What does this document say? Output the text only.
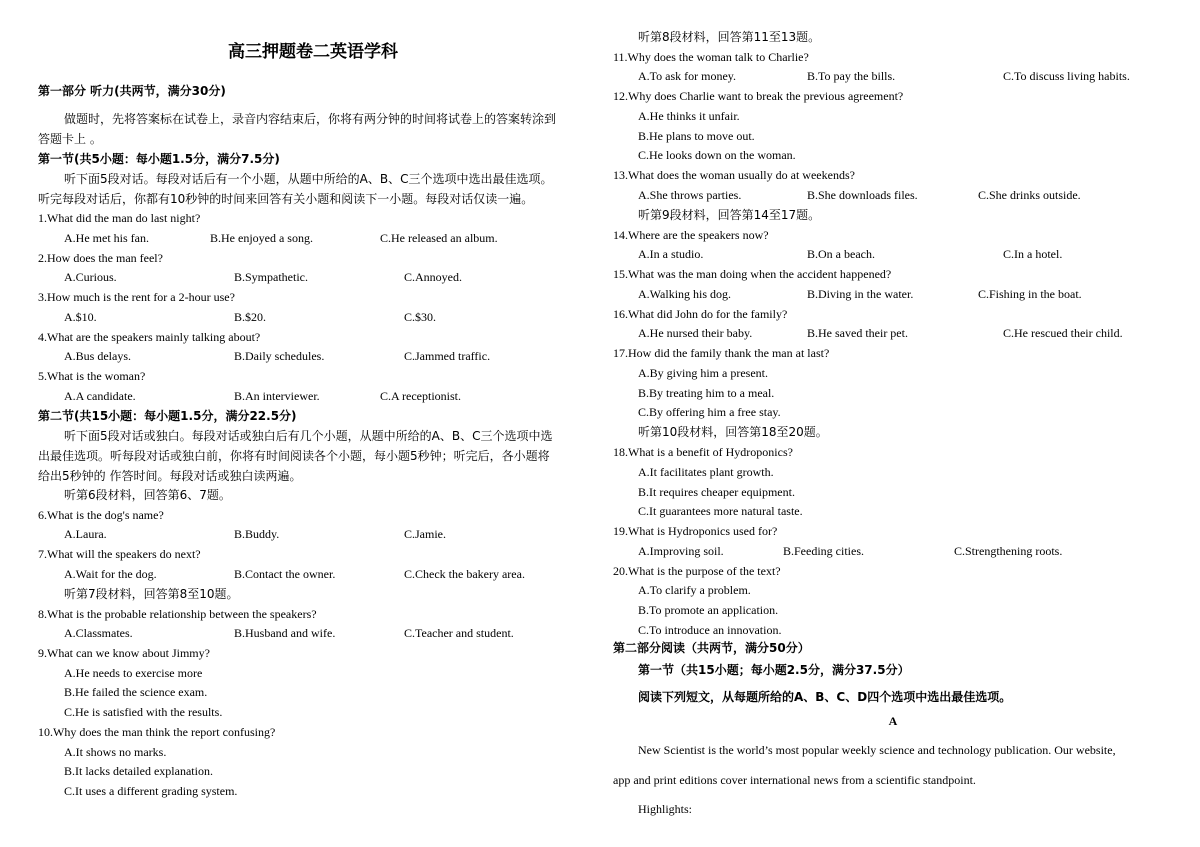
高三押题卷二英语学科
第一部分 听力(共两节，满分30分)
做题时，先将答案标在试卷上，录音内容结束后，你将有两分钟的时间将试卷上的答案转涂到
答题卡上 。
第一节(共5小题：每小题1.5分，满分7.5分)
听下面5段对话。每段对话后有一个小题，从题中所给的A、B、C三个选项中选出最佳选项。
听完每段对话后，你都有10秒钟的时间来回答有关小题和阅读下一小题。每段对话仅读一遍。
1.What did the man do last night?
A.He met his fan.	B.He enjoyed a song.	C.He released an album.
2.How does the man feel?
A.Curious.	B.Sympathetic.	C.Annoyed.
3.How much is the rent for a 2-hour use?
A.$10.	B.$20.	C.$30.
4.What are the speakers mainly talking about?
A.Bus delays.	B.Daily schedules.	C.Jammed traffic.
5.What is the woman?
A.A candidate.	B.An interviewer.	C.A receptionist.
第二节(共15小题：每小题1.5分，满分22.5分)
听下面5段对话或独白。每段对话或独白后有几个小题，从题中所给的A、B、C三个选项中选
出最佳选项。听每段对话或独白前，你将有时间阅读各个小题，每小题5秒钟；听完后，各小题将
给出5秒钟的 作答时间。每段对话或独白读两遍。
听第6段材料，回答第6、7题。
6.What is the dog's name?
A.Laura.	B.Buddy.	C.Jamie.
7.What will the speakers do next?
A.Wait for the dog.	B.Contact the owner.	C.Check the bakery area.
听第7段材料，回答第8至10题。
8.What is the probable relationship between the speakers?
A.Classmates.	B.Husband and wife.	C.Teacher and student.
9.What can we know about Jimmy?
A.He needs to exercise more
B.He failed the science exam.
C.He is satisfied with the results.
10.Why does the man think the report confusing?
A.It shows no marks.
B.It lacks detailed explanation.
C.It uses a different grading system.
听第8段材料，回答第11至13题。
11.Why does the woman talk to Charlie?
A.To ask for money.	B.To pay the bills.	C.To discuss living habits.
12.Why does Charlie want to break the previous agreement?
A.He thinks it unfair.
B.He plans to move out.
C.He looks down on the woman.
13.What does the woman usually do at weekends?
A.She throws parties.	B.She downloads files.	C.She drinks outside.
听第9段材料，回答第14至17题。
14.Where are the speakers now?
A.In a studio.	B.On a beach.	C.In a hotel.
15.What was the man doing when the accident happened?
A.Walking his dog.	B.Diving in the water.	C.Fishing in the boat.
16.What did John do for the family?
A.He nursed their baby.	B.He saved their pet.	C.He rescued their child.
17.How did the family thank the man at last?
A.By giving him a present.
B.By treating him to a meal.
C.By offering him a free stay.
听第10段材料，回答第18至20题。
18.What is a benefit of Hydroponics?
A.It facilitates plant growth.
B.It requires cheaper equipment.
C.It guarantees more natural taste.
19.What is Hydroponics used for?
A.Improving soil.	B.Feeding cities.	C.Strengthening roots.
20.What is the purpose of the text?
A.To clarify a problem.
B.To promote an application.
C.To introduce an innovation.
第二部分阅读（共两节，满分50分）
第一节（共15小题；每小题2.5分，满分37.5分）
阅读下列短文，从每题所给的A、B、C、D四个选项中选出最佳选项。
A
New Scientist is the world’s most popular weekly science and technology publication. Our website,
app and print editions cover international news from a scientific standpoint.
Highlights:
